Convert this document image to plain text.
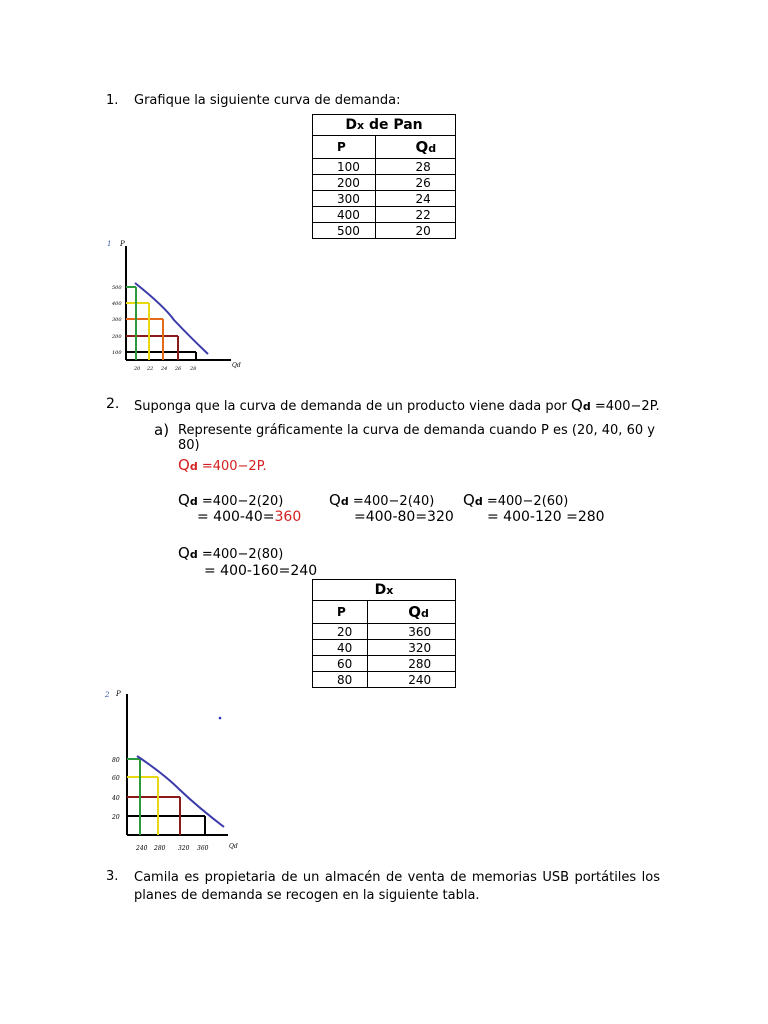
1. Grafique la siguiente curva de demanda:
Dx de Pan	
P	Qd
100	28
200	26
300	24
400	22
500	20
1 P
Qd
500
400
300
200
100
20 22 24 26 28
2. Suponga que la curva de demanda de un producto viene dada por Qd =400−2P.
a) Represente gráficamente la curva de demanda cuando P es (20, 40, 60 y
80)
Qd =400−2P.
Qd =400−2(20)
= 400-40=360
Qd =400−2(40)
=400-80=320
Qd =400−2(60)
= 400-120 =280
Qd =400−2(80)
= 400-160=240
Dx	
P	Qd
20	360
40	320
60	280
80	240
2 P
Qd
80
60
40
20
240 280 320 360
3. Camila es propietaria de un almacén de venta de memorias USB portátiles los planes de demanda se recogen en la siguiente tabla.
